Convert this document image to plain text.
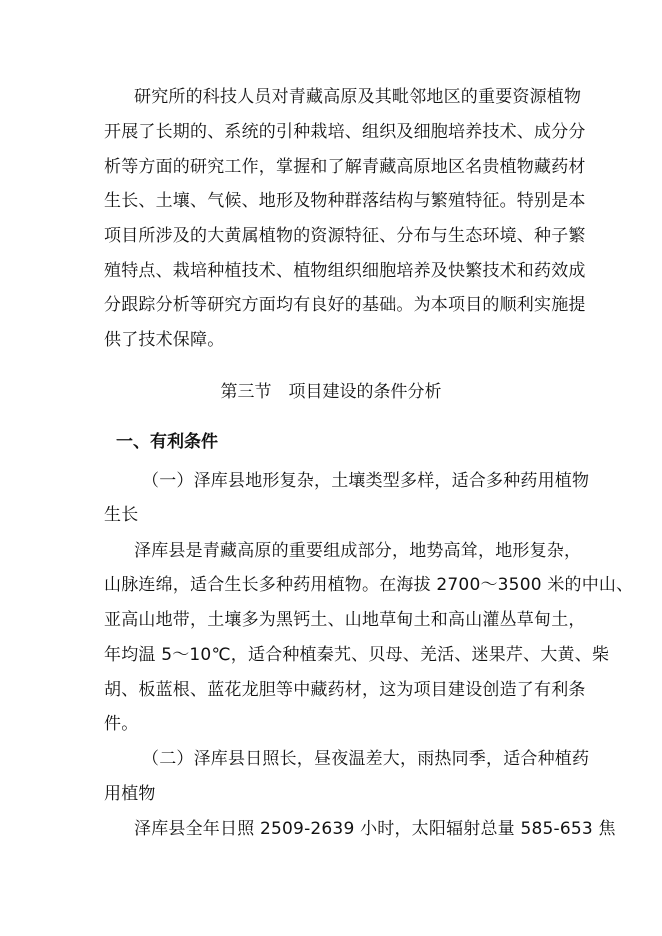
研究所的科技人员对青藏高原及其毗邻地区的重要资源植物
开展了长期的、系统的引种栽培、组织及细胞培养技术、成分分
析等方面的研究工作，掌握和了解青藏高原地区名贵植物藏药材
生长、土壤、气候、地形及物种群落结构与繁殖特征。特别是本
项目所涉及的大黄属植物的资源特征、分布与生态环境、种子繁
殖特点、栽培种植技术、植物组织细胞培养及快繁技术和药效成
分跟踪分析等研究方面均有良好的基础。为本项目的顺利实施提
供了技术保障。
第三节　项目建设的条件分析
一、有利条件
（一）泽库县地形复杂，土壤类型多样，适合多种药用植物
生长
泽库县是青藏高原的重要组成部分，地势高耸，地形复杂，
山脉连绵，适合生长多种药用植物。在海拔 2700～3500 米的中山、
亚高山地带，土壤多为黑钙土、山地草甸土和高山灌丛草甸土，
年均温 5～10℃，适合种植秦艽、贝母、羌活、迷果芹、大黄、柴
胡、板蓝根、蓝花龙胆等中藏药材，这为项目建设创造了有利条
件。
（二）泽库县日照长，昼夜温差大，雨热同季，适合种植药
用植物
泽库县全年日照 2509-2639 小时，太阳辐射总量 585-653 焦
